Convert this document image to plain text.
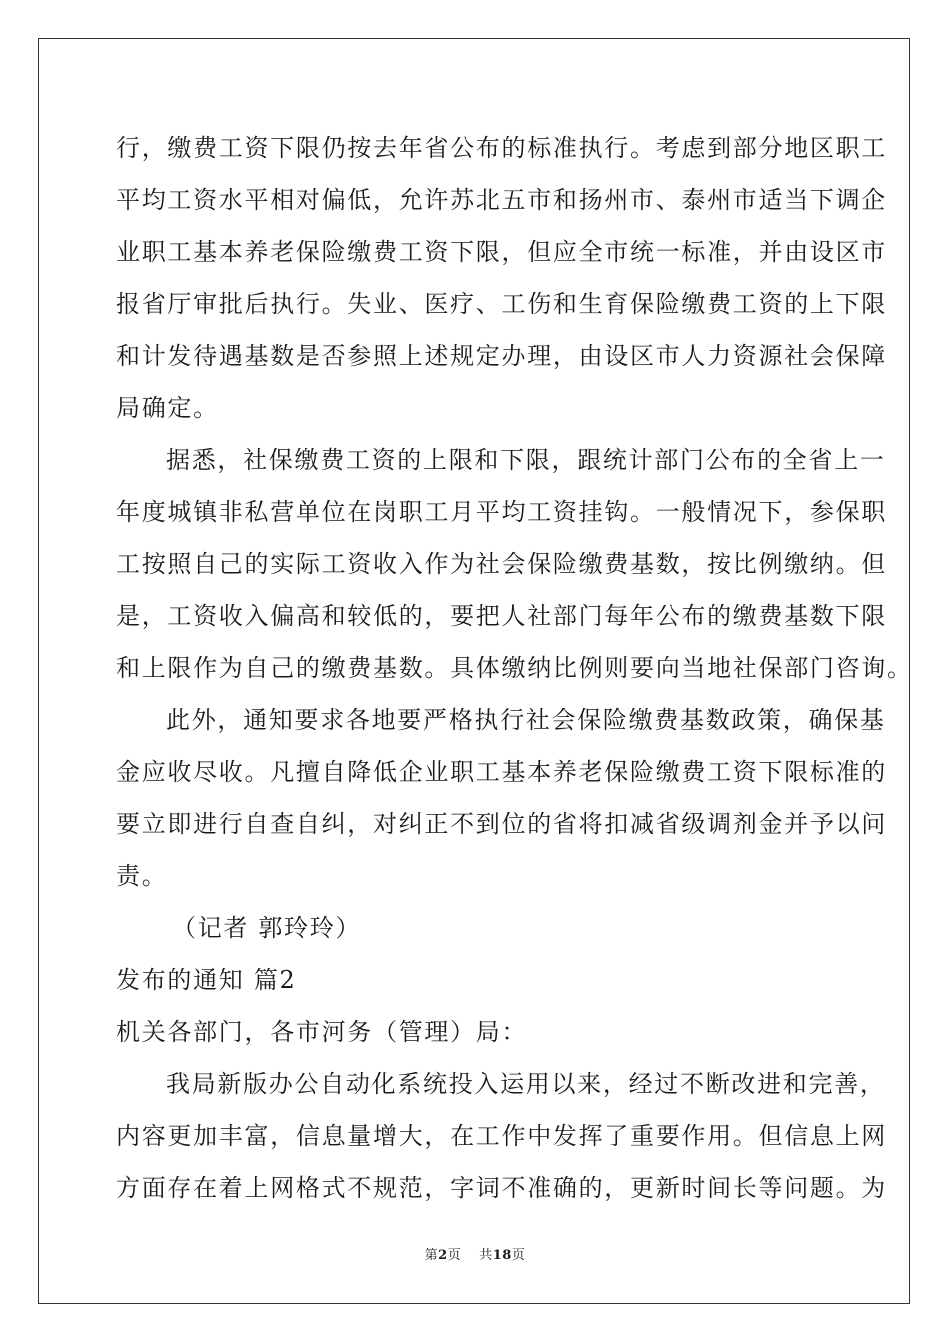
行，缴费工资下限仍按去年省公布的标准执行。考虑到部分地区职工
平均工资水平相对偏低，允许苏北五市和扬州市、泰州市适当下调企
业职工基本养老保险缴费工资下限，但应全市统一标准，并由设区市
报省厅审批后执行。失业、医疗、工伤和生育保险缴费工资的上下限
和计发待遇基数是否参照上述规定办理，由设区市人力资源社会保障
局确定。
据悉，社保缴费工资的上限和下限，跟统计部门公布的全省上一
年度城镇非私营单位在岗职工月平均工资挂钩。一般情况下，参保职
工按照自己的实际工资收入作为社会保险缴费基数，按比例缴纳。但
是，工资收入偏高和较低的，要把人社部门每年公布的缴费基数下限
和上限作为自己的缴费基数。具体缴纳比例则要向当地社保部门咨询。
此外，通知要求各地要严格执行社会保险缴费基数政策，确保基
金应收尽收。凡擅自降低企业职工基本养老保险缴费工资下限标准的
要立即进行自查自纠，对纠正不到位的省将扣减省级调剂金并予以问
责。
（记者 郭玲玲）
发布的通知 篇2
机关各部门，各市河务（管理）局：
我局新版办公自动化系统投入运用以来，经过不断改进和完善，
内容更加丰富，信息量增大，在工作中发挥了重要作用。但信息上网
方面存在着上网格式不规范，字词不准确的，更新时间长等问题。为
第2页 共18页
